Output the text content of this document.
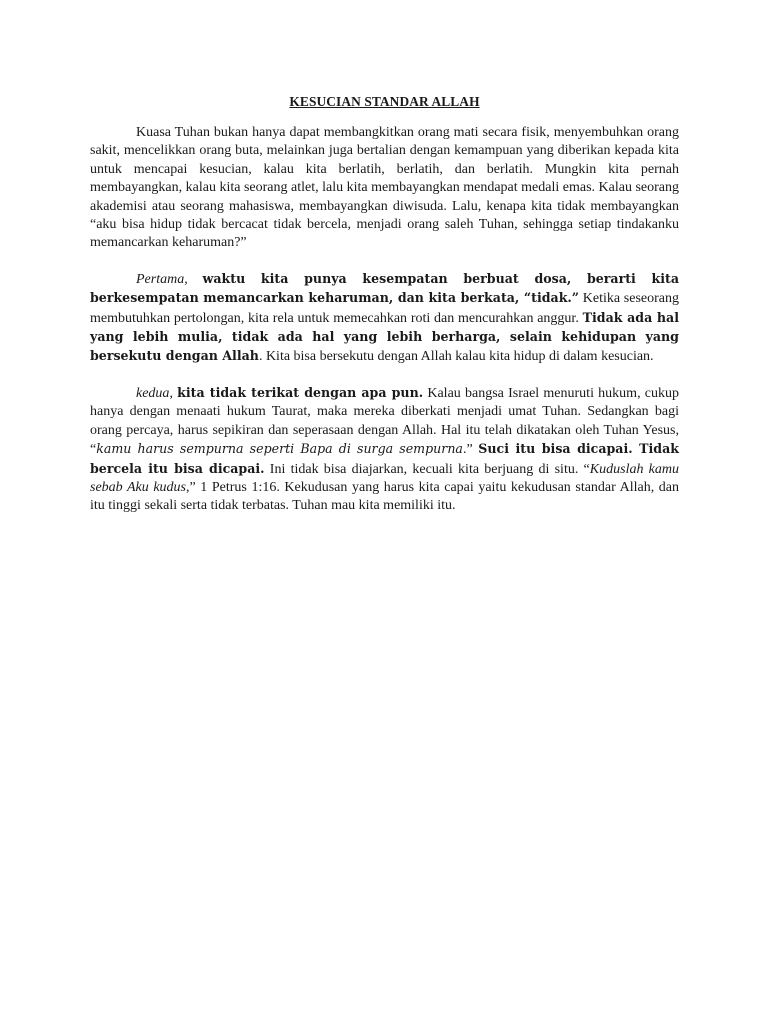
KESUCIAN STANDAR ALLAH

Kuasa Tuhan bukan hanya dapat membangkitkan orang mati secara fisik, menyembuhkan orang sakit, mencelikkan orang buta, melainkan juga bertalian dengan kemampuan yang diberikan kepada kita untuk mencapai kesucian, kalau kita berlatih, berlatih, dan berlatih. Mungkin kita pernah membayangkan, kalau kita seorang atlet, lalu kita membayangkan mendapat medali emas. Kalau seorang akademisi atau seorang mahasiswa, membayangkan diwisuda. Lalu, kenapa kita tidak membayangkan “aku bisa hidup tidak bercacat tidak bercela, menjadi orang saleh Tuhan, sehingga setiap tindakanku memancarkan keharuman?”

Pertama, waktu kita punya kesempatan berbuat dosa, berarti kita berkesempatan memancarkan keharuman, dan kita berkata, “tidak.” Ketika seseorang membutuhkan pertolongan, kita rela untuk memecahkan roti dan mencurahkan anggur. Tidak ada hal yang lebih mulia, tidak ada hal yang lebih berharga, selain kehidupan yang bersekutu dengan Allah. Kita bisa bersekutu dengan Allah kalau kita hidup di dalam kesucian.

kedua, kita tidak terikat dengan apa pun. Kalau bangsa Israel menuruti hukum, cukup hanya dengan menaati hukum Taurat, maka mereka diberkati menjadi umat Tuhan. Sedangkan bagi orang percaya, harus sepikiran dan seperasaan dengan Allah. Hal itu telah dikatakan oleh Tuhan Yesus, “kamu harus sempurna seperti Bapa di surga sempurna.” Suci itu bisa dicapai. Tidak bercela itu bisa dicapai. Ini tidak bisa diajarkan, kecuali kita berjuang di situ. “Kuduslah kamu sebab Aku kudus,” 1 Petrus 1:16. Kekudusan yang harus kita capai yaitu kekudusan standar Allah, dan itu tinggi sekali serta tidak terbatas. Tuhan mau kita memiliki itu.
